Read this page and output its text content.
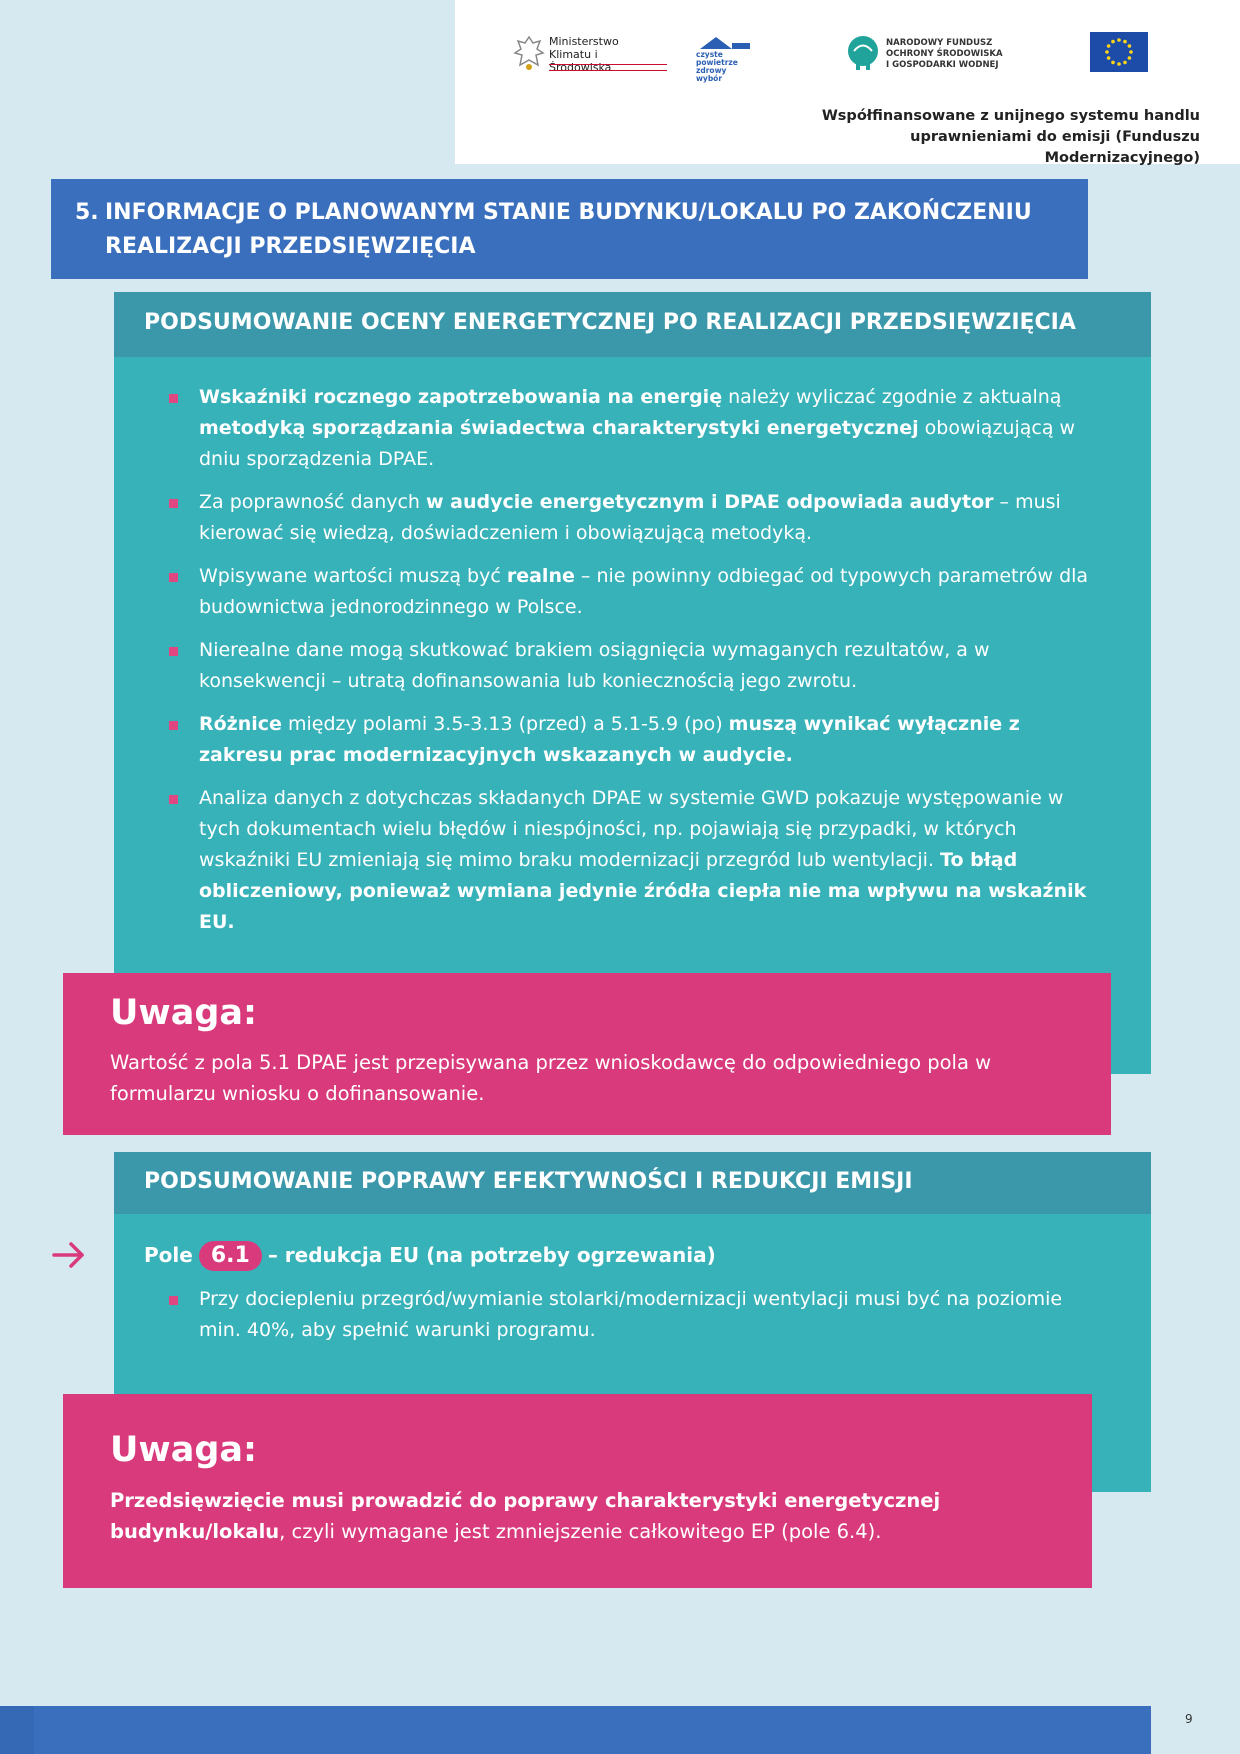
Ministerstwo
Klimatu i Środowiska
czyste powietrze
zdrowy wybór
NARODOWY FUNDUSZ
OCHRONY ŚRODOWISKA
I GOSPODARKI WODNEJ
Współfinansowane z unijnego systemu handlu
uprawnieniami do emisji (Funduszu Modernizacyjnego)
5. INFORMACJE O PLANOWANYM STANIE BUDYNKU/LOKALU PO ZAKOŃCZENIU REALIZACJI PRZEDSIĘWZIĘCIA
PODSUMOWANIE OCENY ENERGETYCZNEJ PO REALIZACJI PRZEDSIĘWZIĘCIA
Wskaźniki rocznego zapotrzebowania na energię należy wyliczać zgodnie z aktualną metodyką sporządzania świadectwa charakterystyki energetycznej obowiązującą w dniu sporządzenia DPAE.
Za poprawność danych w audycie energetycznym i DPAE odpowiada audytor – musi kierować się wiedzą, doświadczeniem i obowiązującą metodyką.
Wpisywane wartości muszą być realne – nie powinny odbiegać od typowych parametrów dla budownictwa jednorodzinnego w Polsce.
Nierealne dane mogą skutkować brakiem osiągnięcia wymaganych rezultatów, a w konsekwencji – utratą dofinansowania lub koniecznością jego zwrotu.
Różnice między polami 3.5-3.13 (przed) a 5.1-5.9 (po) muszą wynikać wyłącznie z zakresu prac modernizacyjnych wskazanych w audycie.
Analiza danych z dotychczas składanych DPAE w systemie GWD pokazuje występowanie w tych dokumentach wielu błędów i niespójności, np. pojawiają się przypadki, w których wskaźniki EU zmieniają się mimo braku modernizacji przegród lub wentylacji. To błąd obliczeniowy, ponieważ wymiana jedynie źródła ciepła nie ma wpływu na wskaźnik EU.
Uwaga:
Wartość z pola 5.1 DPAE jest przepisywana przez wnioskodawcę do odpowiedniego pola w formularzu wniosku o dofinansowanie.
PODSUMOWANIE POPRAWY EFEKTYWNOŚCI I REDUKCJI EMISJI
Pole 6.1 – redukcja EU (na potrzeby ogrzewania)
Przy dociepleniu przegród/wymianie stolarki/modernizacji wentylacji musi być na poziomie min. 40%, aby spełnić warunki programu.
Uwaga:
Przedsięwzięcie musi prowadzić do poprawy charakterystyki energetycznej budynku/lokalu, czyli wymagane jest zmniejszenie całkowitego EP (pole 6.4).
9
